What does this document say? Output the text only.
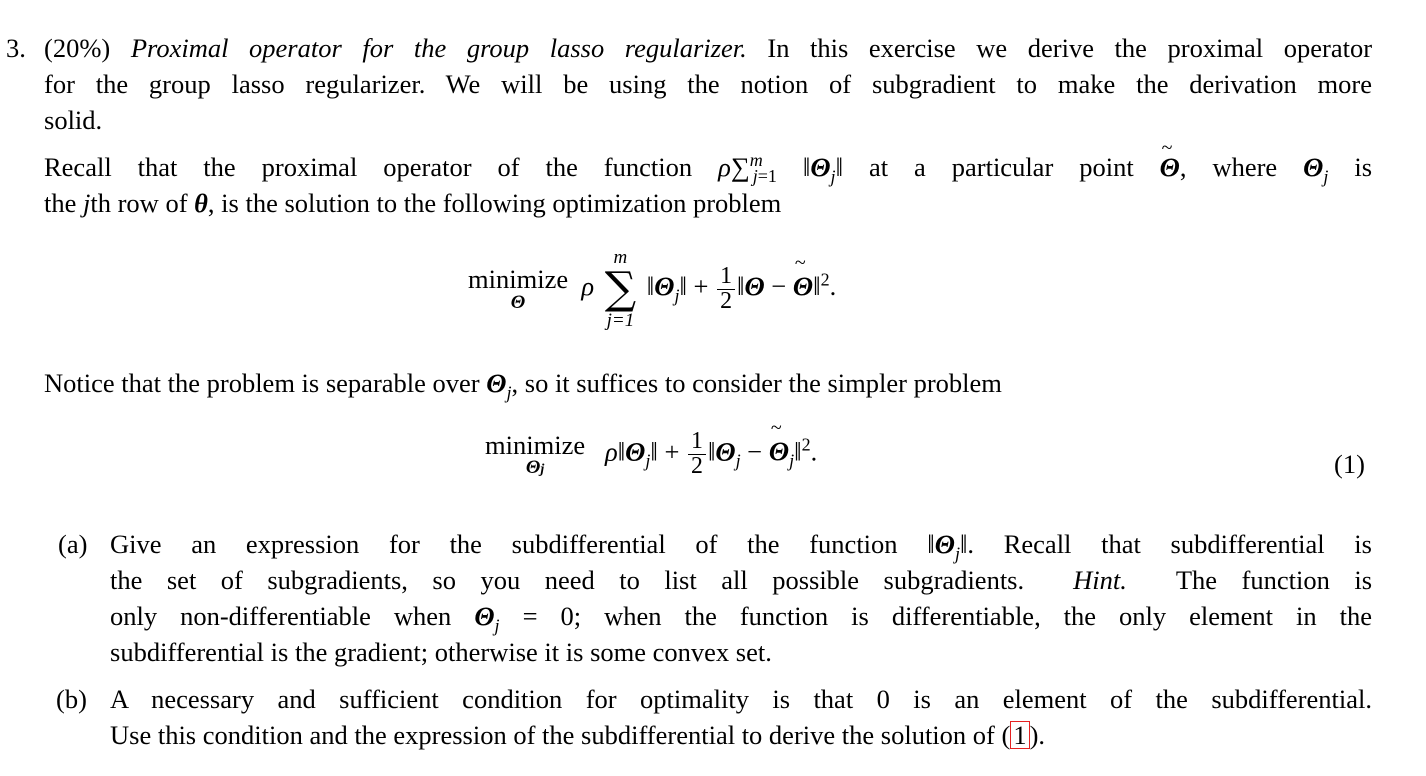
3. (20%) Proximal operator for the group lasso regularizer. In this exercise we derive the proximal operator
for the group lasso regularizer. We will be using the notion of subgradient to make the derivation more
solid.
Recall that the proximal operator of the function ρ∑$^m_{j=1}$ $‖\Theta_j‖$ at a particular point ~ Θ, where $\Theta_j$ is
the jth row of θ, is the solution to the following optimization problem
minimize
Θ
ρ
m
∑
j=1
$‖\Theta_j‖ + \frac{1}{2}$ ‖Θ − ~ Θ‖$^2$.
Notice that the problem is separable over $\Theta_j$, so it suffices to consider the simpler problem
minimize
Θj
$\rho‖\Theta_j‖ + \frac{1}{2}$ $‖\Theta_j$ − ~ $\Theta_j‖^2$.	(1)
(a) Give an expression for the subdifferential of the function $‖\Theta_j‖$. Recall that subdifferential is
the set of subgradients, so you need to list all possible subgradients. Hint. The function is
only non-differentiable when $\Theta_j = 0$; when the function is differentiable, the only element in the
subdifferential is the gradient; otherwise it is some convex set.
(b) A necessary and sufficient condition for optimality is that 0 is an element of the subdifferential.
Use this condition and the expression of the subdifferential to derive the solution of ( 1 ).
